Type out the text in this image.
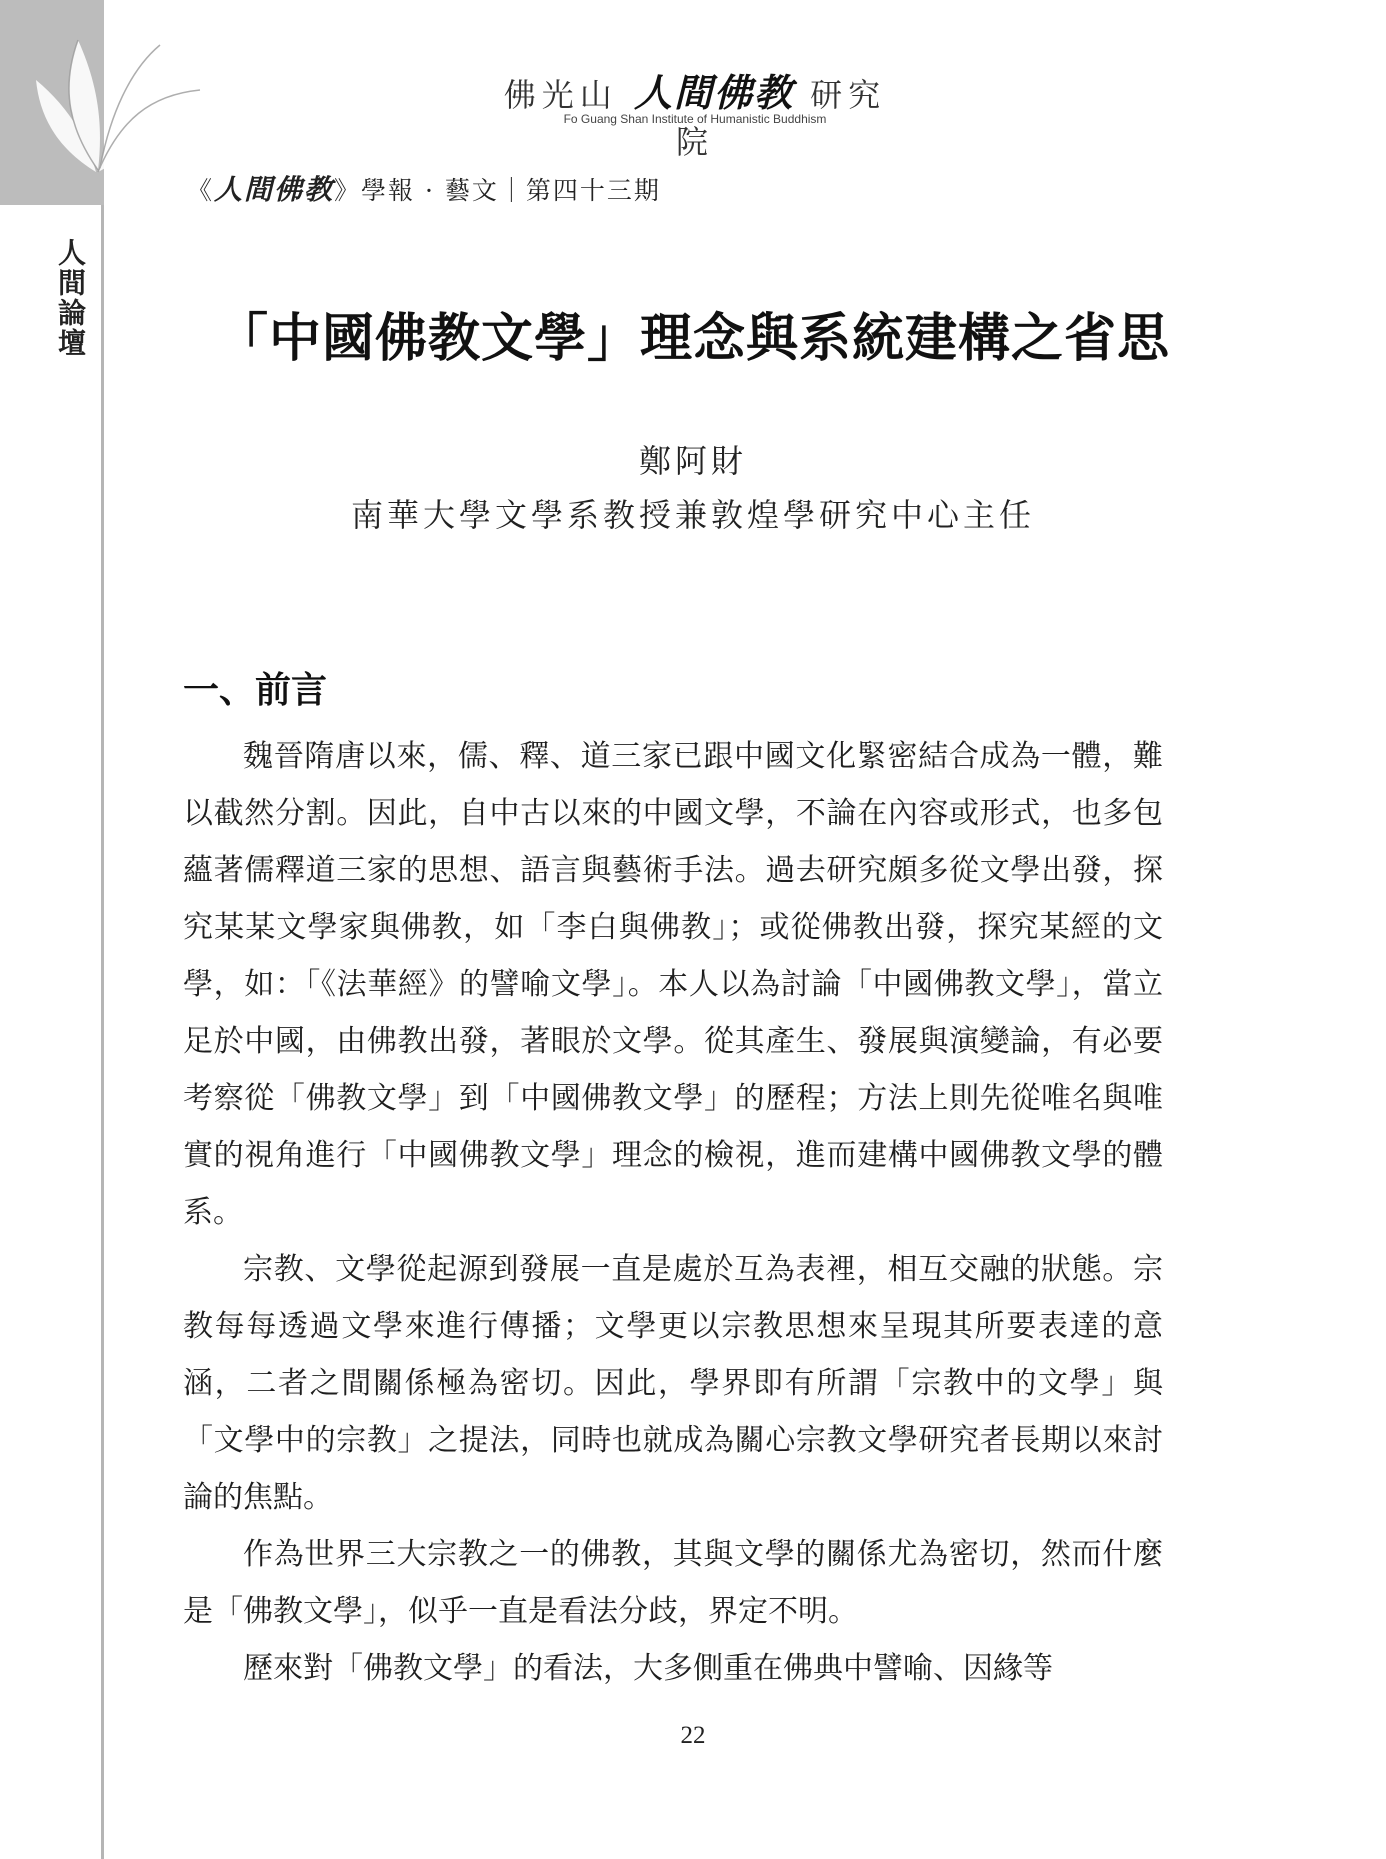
人間論壇
佛光山 人間佛教 研究院
Fo Guang Shan Institute of Humanistic Buddhism
《人間佛教》學報 · 藝文｜第四十三期
「中國佛教文學」理念與系統建構之省思
鄭阿財
南華大學文學系教授兼敦煌學研究中心主任
一、前言

魏晉隋唐以來，儒、釋、道三家已跟中國文化緊密結合成為一體，難以截然分割。因此，自中古以來的中國文學，不論在內容或形式，也多包蘊著儒釋道三家的思想、語言與藝術手法。過去研究頗多從文學出發，探究某某文學家與佛教，如「李白與佛教」；或從佛教出發，探究某經的文學，如：「《法華經》的譬喻文學」。本人以為討論「中國佛教文學」，當立足於中國，由佛教出發，著眼於文學。從其產生、發展與演變論，有必要考察從「佛教文學」到「中國佛教文學」的歷程；方法上則先從唯名與唯實的視角進行「中國佛教文學」理念的檢視，進而建構中國佛教文學的體系。

宗教、文學從起源到發展一直是處於互為表裡，相互交融的狀態。宗教每每透過文學來進行傳播；文學更以宗教思想來呈現其所要表達的意涵，二者之間關係極為密切。因此，學界即有所謂「宗教中的文學」與「文學中的宗教」之提法，同時也就成為關心宗教文學研究者長期以來討論的焦點。

作為世界三大宗教之一的佛教，其與文學的關係尤為密切，然而什麼是「佛教文學」，似乎一直是看法分歧，界定不明。

歷來對「佛教文學」的看法，大多側重在佛典中譬喻、因緣等

22
